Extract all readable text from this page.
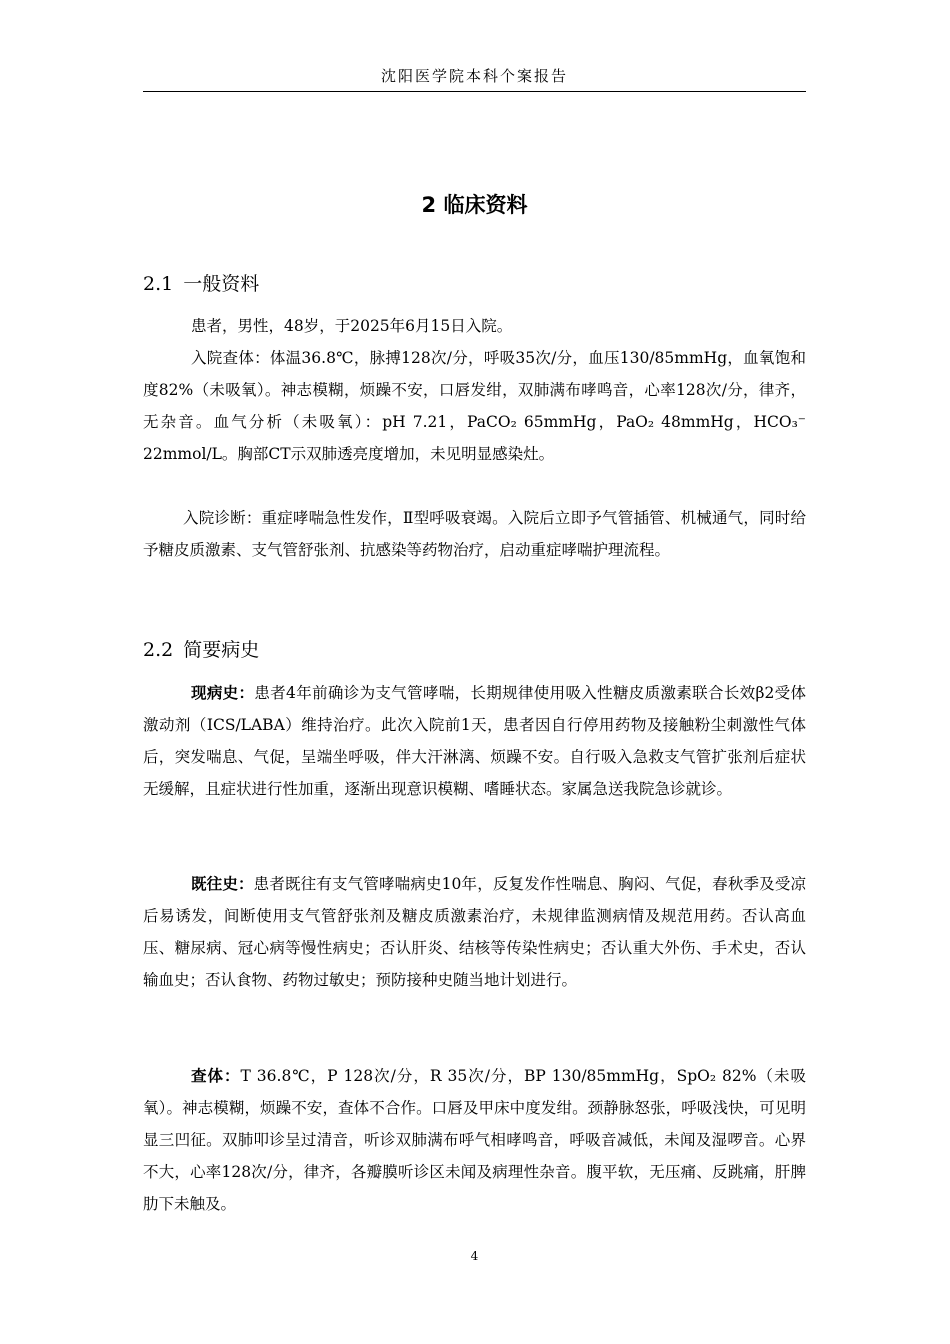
沈阳医学院本科个案报告
2 临床资料
2.1 一般资料

患者，男性，48岁，于2025年6月15日入院。

入院查体：体温36.8℃，脉搏128次/分，呼吸35次/分，血压130/85mmHg，血氧饱和度82%（未吸氧）。神志模糊，烦躁不安，口唇发绀，双肺满布哮鸣音，心率128次/分，律齐，无杂音。血气分析（未吸氧）：pH 7.21，PaCO₂ 65mmHg，PaO₂ 48mmHg，HCO₃⁻ 22mmol/L。胸部CT示双肺透亮度增加，未见明显感染灶。

入院诊断：重症哮喘急性发作，Ⅱ型呼吸衰竭。入院后立即予气管插管、机械通气，同时给予糖皮质激素、支气管舒张剂、抗感染等药物治疗，启动重症哮喘护理流程。

2.2 简要病史

现病史：患者4年前确诊为支气管哮喘，长期规律使用吸入性糖皮质激素联合长效β2受体激动剂（ICS/LABA）维持治疗。此次入院前1天，患者因自行停用药物及接触粉尘刺激性气体后，突发喘息、气促，呈端坐呼吸，伴大汗淋漓、烦躁不安。自行吸入急救支气管扩张剂后症状无缓解，且症状进行性加重，逐渐出现意识模糊、嗜睡状态。家属急送我院急诊就诊。

既往史：患者既往有支气管哮喘病史10年，反复发作性喘息、胸闷、气促，春秋季及受凉后易诱发，间断使用支气管舒张剂及糖皮质激素治疗，未规律监测病情及规范用药。否认高血压、糖尿病、冠心病等慢性病史；否认肝炎、结核等传染性病史；否认重大外伤、手术史，否认输血史；否认食物、药物过敏史；预防接种史随当地计划进行。

查体：T 36.8℃，P 128次/分，R 35次/分，BP 130/85mmHg，SpO₂ 82%（未吸氧）。神志模糊，烦躁不安，查体不合作。口唇及甲床中度发绀。颈静脉怒张，呼吸浅快，可见明显三凹征。双肺叩诊呈过清音，听诊双肺满布呼气相哮鸣音，呼吸音减低，未闻及湿啰音。心界不大，心率128次/分，律齐，各瓣膜听诊区未闻及病理性杂音。腹平软，无压痛、反跳痛，肝脾肋下未触及。

4
